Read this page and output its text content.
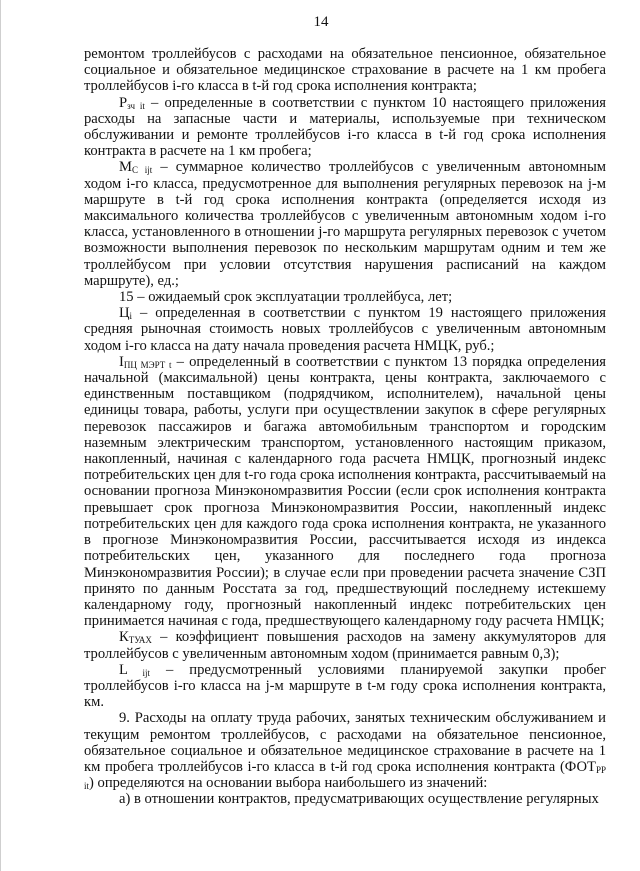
14

ремонтом троллейбусов с расходами на обязательное пенсионное, обязательное социальное и обязательное медицинское страхование в расчете на 1 км пробега троллейбусов i-го класса в t-й год срока исполнения контракта;

$Р_{зч it}$ – определенные в соответствии с пунктом 10 настоящего приложения расходы на запасные части и материалы, используемые при техническом обслуживании и ремонте троллейбусов i-го класса в t-й год срока исполнения контракта в расчете на 1 км пробега;

$М_{С ijt}$ – суммарное количество троллейбусов с увеличенным автономным ходом i-го класса, предусмотренное для выполнения регулярных перевозок на j-м маршруте в t-й год срока исполнения контракта (определяется исходя из максимального количества троллейбусов с увеличенным автономным ходом i-го класса, установленного в отношении j-го маршрута регулярных перевозок с учетом возможности выполнения перевозок по нескольким маршрутам одним и тем же троллейбусом при условии отсутствия нарушения расписаний на каждом маршруте), ед.;

15 – ожидаемый срок эксплуатации троллейбуса, лет;

$Ц_i$ – определенная в соответствии с пунктом 19 настоящего приложения средняя рыночная стоимость новых троллейбусов с увеличенным автономным ходом i-го класса на дату начала проведения расчета НМЦК, руб.;

$I_{ПЦ МЭРТ t}$ – определенный в соответствии с пунктом 13 порядка определения начальной (максимальной) цены контракта, цены контракта, заключаемого с единственным поставщиком (подрядчиком, исполнителем), начальной цены единицы товара, работы, услуги при осуществлении закупок в сфере регулярных перевозок пассажиров и багажа автомобильным транспортом и городским наземным электрическим транспортом, установленного настоящим приказом, накопленный, начиная с календарного года расчета НМЦК, прогнозный индекс потребительских цен для t-го года срока исполнения контракта, рассчитываемый на основании прогноза Минэкономразвития России (если срок исполнения контракта превышает срок прогноза Минэкономразвития России, накопленный индекс потребительских цен для каждого года срока исполнения контракта, не указанного в прогнозе Минэкономразвития России, рассчитывается исходя из индекса потребительских цен, указанного для последнего года прогноза Минэкономразвития России); в случае если при проведении расчета значение СЗП принято по данным Росстата за год, предшествующий последнему истекшему календарному году, прогнозный накопленный индекс потребительских цен принимается начиная с года, предшествующего календарному году расчета НМЦК;

$К_{ТУАХ}$ – коэффициент повышения расходов на замену аккумуляторов для троллейбусов с увеличенным автономным ходом (принимается равным 0,3);

L $_{ijt}$ – предусмотренный условиями планируемой закупки пробег троллейбусов i-го класса на j-м маршруте в t-м году срока исполнения контракта, км.

9. Расходы на оплату труда рабочих, занятых техническим обслуживанием и текущим ремонтом троллейбусов, с расходами на обязательное пенсионное, обязательное социальное и обязательное медицинское страхование в расчете на 1 км пробега троллейбусов i-го класса в t-й год срока исполнения контракта $(ФОТ_{РР it})$ определяются на основании выбора наибольшего из значений:

а) в отношении контрактов, предусматривающих осуществление регулярных
